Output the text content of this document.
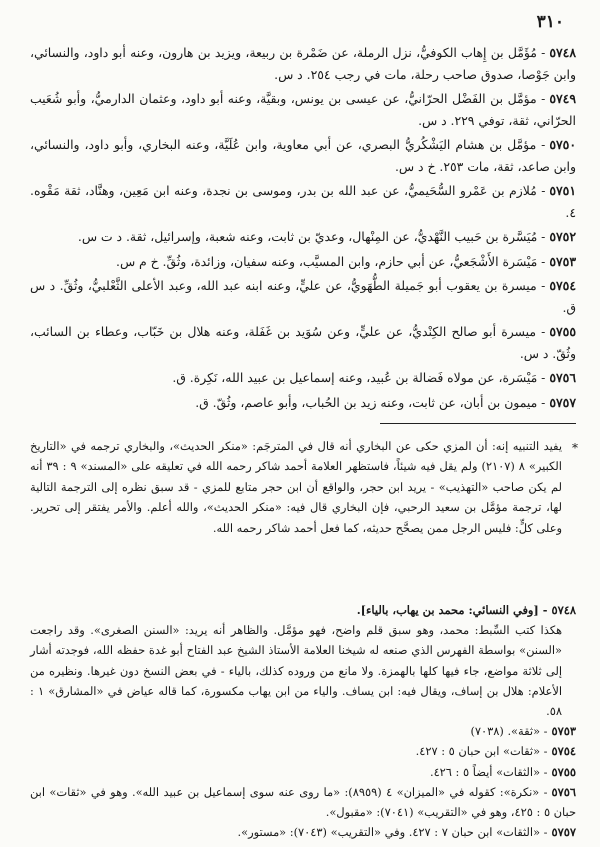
٣١٠
٥٧٤٨- مُؤَمَّل بن إِهاب الكوفيُّ، نزل الرملة، عن ضَمْرة بن ربيعة، ويزيد بن هارون، وعنه أبو داود، والنسائي، وابن جَوْصا، صدوق صاحب رحلة، مات في رجب ٢٥٤. د س.
٥٧٤٩- مؤمَّل بن الفَضْل الحرّانيُّ، عن عيسى بن يونس، وبقيَّة، وعنه أبو داود، وعثمان الدارميُّ، وأبو شُعَيب الحرّاني، ثقة، توفي ٢٢٩. د س.
٥٧٥٠- مؤمَّل بن هشام اليَشْكُريُّ البصري، عن أبي معاوية، وابن عُلَيَّة، وعنه البخاري، وأبو داود، والنسائي، وابن صاعد، ثقة، مات ٢٥٣. خ د س.
٥٧٥١- مُلازم بن عَمْرو السُّحَيميُّ، عن عبد الله بن بدر، وموسى بن نجدة، وعنه ابن مَعِين، وهنَّاد، ثقة مَقْوه. ٤.
٥٧٥٢- مُيَسَّرة بن حَبيب النَّهْديُّ، عن المِنْهال، وعديّ بن ثابت، وعنه شعبة، وإسرائيل، ثقة. د ت س.
٥٧٥٣- مَيْسَرة الأَشْجَعيُّ، عن أبي حازم، وابن المسيَّب، وعنه سفيان، وزائدة، وثُقِّ. خ م س.
٥٧٥٤- ميسرة بن يعقوب أبو جَميلة الطُّهَويُّ، عن عليٍّ، وعنه ابنه عبد الله، وعبد الأعلى الثَّعْلبيُّ، وثُقِّ. د س ق.
٥٧٥٥- ميسرة أبو صالح الكِنْديُّ، عن عليٍّ، وعن سُوَيد بن غَفَلة، وعنه هلال بن خَبّاب، وعطاء بن السائب، وثُقّ. د س.
٥٧٥٦- مَيْسَرة، عن مولاه فَضالة بن عُبيد، وعنه إسماعيل بن عبيد الله، نَكِرة. ق.
٥٧٥٧- ميمون بن أبان، عن ثابت، وعنه زيد بن الحُباب، وأبو عاصم، وثُقّ. ق.
*
يفيد التنبيه إنه: أن المزي حكى عن البخاري أنه قال في المترجَم: «منكر الحديث»، والبخاري ترجمه في «التاريخ الكبير» ٨ (٢١٠٧) ولم يقل فيه شيئاً، فاستظهر العلامة أحمد شاكر رحمه الله في تعليقه على «المسند» ٩ : ٣٩ أنه لم يكن صاحب «التهذيب» - يريد ابن حجر، والواقع أن ابن حجر متابع للمزي - قد سبق نظره إلى الترجمة التالية لها، ترجمة مؤمَّل بن سعيد الرحبي، فإن البخاري قال فيه: «منكر الحديث»، والله أعلم. والأمر يفتقر إلى تحرير. وعلى كلٍّ: فليس الرجل ممن يصحَّح حديثه، كما فعل أحمد شاكر رحمه الله.
٥٧٤٨- [وفي النسائي: محمد بن يهاب، بالياء].
هكذا كتب السِّبط: محمد، وهو سبق قلم واضح، فهو مؤمَّل. والظاهر أنه يريد: «السنن الصغرى». وقد راجعت «السنن» بواسطة الفهرس الذي صنعه له شيخنا العلامة الأستاذ الشيخ عبد الفتاح أبو غدة حفظه الله، فوجدته أشار إلى ثلاثة مواضع، جاء فيها كلها بالهمزة. ولا مانع من وروده كذلك، بالياء - في بعض النسخ دون غيرها. ونظيره من الأعلام: هلال بن إساف، ويقال فيه: ابن يساف. والياء من ابن يهاب مكسورة، كما قاله عياض في «المشارق» ١ : ٥٨.
٥٧٥٣- «ثقة». (٧٠٣٨)
٥٧٥٤- «ثقات» ابن حبان ٥ : ٤٢٧.
٥٧٥٥- «الثقات» أيضاً ٥ : ٤٢٦.
٥٧٥٦- «نكرة»: كقوله في «الميزان» ٤ (٨٩٥٩): «ما روى عنه سوى إسماعيل بن عبيد الله». وهو في «ثقات» ابن حبان ٥ : ٤٢٥، وهو في «التقريب» (٧٠٤١): «مقبول».
٥٧٥٧- «الثقات» ابن حبان ٧ : ٤٢٧. وفي «التقريب» (٧٠٤٣): «مستور».
